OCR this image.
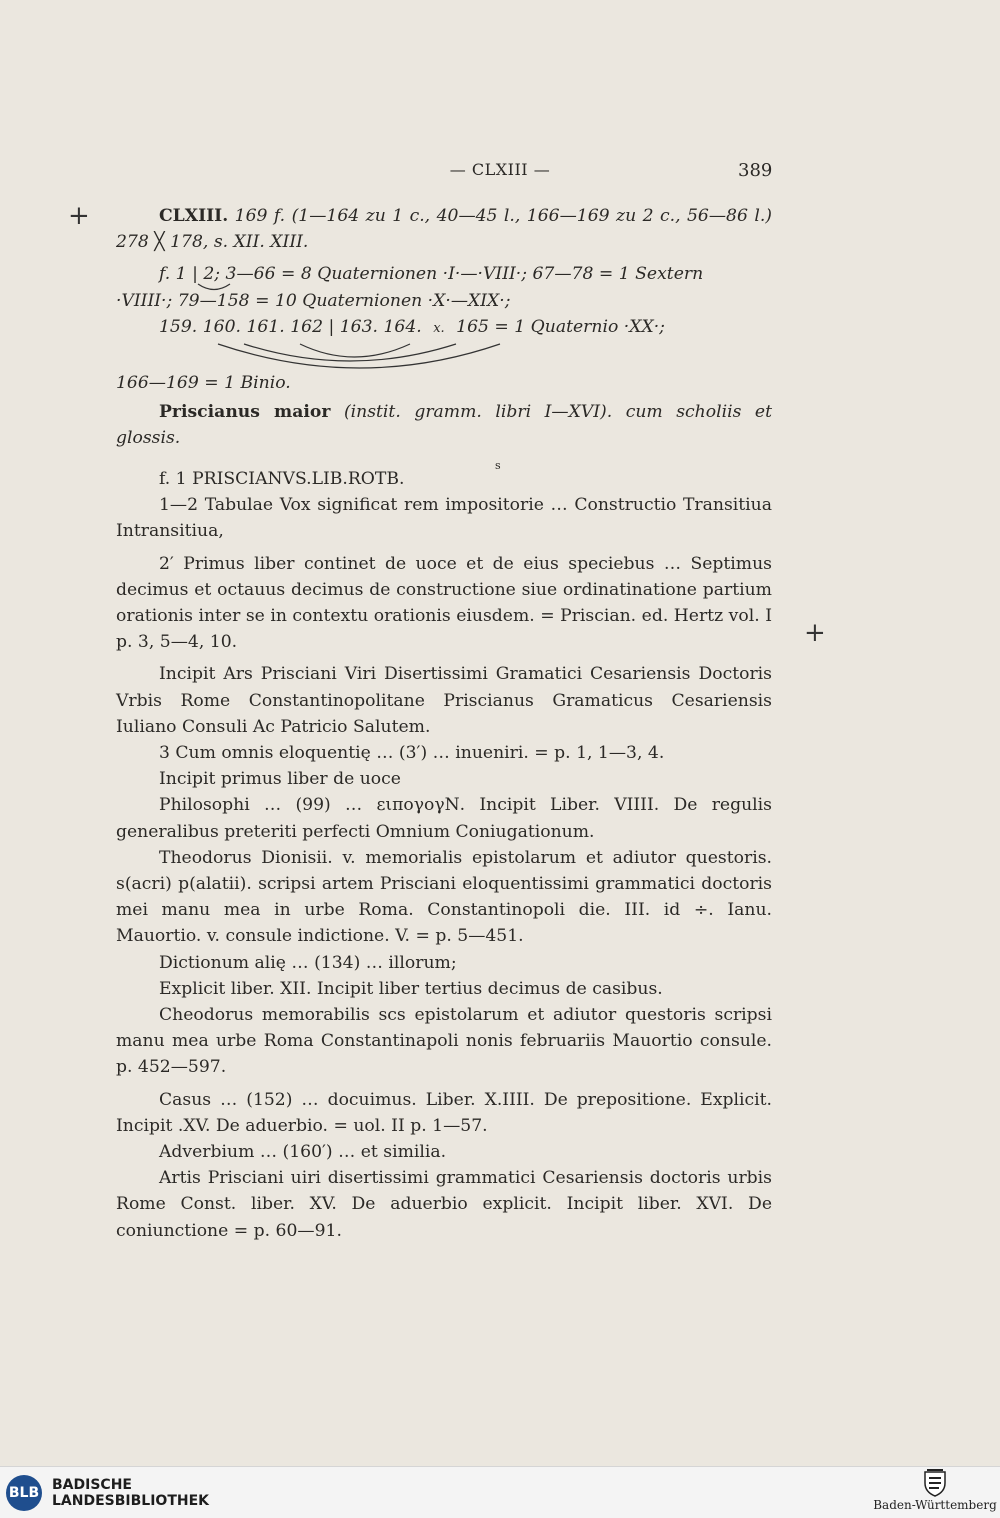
— CLXIII —	389
+
+

CLXIII. 169 f. (1—164 zu 1 c., 40—45 l., 166—169 zu 2 c., 56—86 l.) 278 ╳ 178, s. XII. XIII.

f. 1 | 2; 3—66 = 8 Quaternionen ·I·—·VIII·; 67—78 = 1 Sextern

·VIIII·; 79—158 = 10 Quaternionen ·X·—XIX·;

159. 160. 161. 162 | 163. 164. x. 165 = 1 Quaternio ·XX·;

166—169 = 1 Binio.

Priscianus maior (instit. gramm. libri I—XVI). cum scholiis et glossis.

f. 1 PRISCIANVS.LIB.ROTB.
s

1—2 Tabulae Vox significat rem impositorie … Constructio Transitiua Intransitiua,

2′ Primus liber continet de uoce et de eius speciebus … Septimus decimus et octauus decimus de constructione siue ordinatinatione partium orationis inter se in contextu orationis eiusdem. = Priscian. ed. Hertz vol. I p. 3, 5—4, 10.

Incipit Ars Prisciani Viri Disertissimi Gramatici Cesariensis Doctoris Vrbis Rome Constantinopolitane Priscianus Gramaticus Cesariensis Iuliano Consuli Ac Patricio Salutem.

3 Cum omnis eloquentię … (3′) … inueniri. = p. 1, 1—3, 4.

Incipit primus liber de uoce

Philosophi … (99) … ειπογογΝ. Incipit Liber. VIIII. De regulis generalibus preteriti perfecti Omnium Coniugationum.

Theodorus Dionisii. v. memorialis epistolarum et adiutor questoris. s(acri) p(alatii). scripsi artem Prisciani eloquentissimi grammatici doctoris mei manu mea in urbe Roma. Constantinopoli die. III. id ÷. Ianu. Mauortio. v. consule indictione. V. = p. 5—451.

Dictionum alię … (134) … illorum;

Explicit liber. XII. Incipit liber tertius decimus de casibus.

Cheodorus memorabilis scs epistolarum et adiutor questoris scripsi manu mea urbe Roma Constantinapoli nonis februariis Mauortio consule. p. 452—597.

Casus … (152) … docuimus. Liber. X.IIII. De prepositione. Explicit. Incipit .XV. De aduerbio. = uol. II p. 1—57.

Adverbium … (160′) … et similia.

Artis Prisciani uiri disertissimi grammatici Cesariensis doctoris urbis Rome Const. liber. XV. De aduerbio explicit. Incipit liber. XVI. De coniunctione = p. 60—91.

BLB BADISCHE
LANDESBIBLIOTHEK	Baden-Württemberg
